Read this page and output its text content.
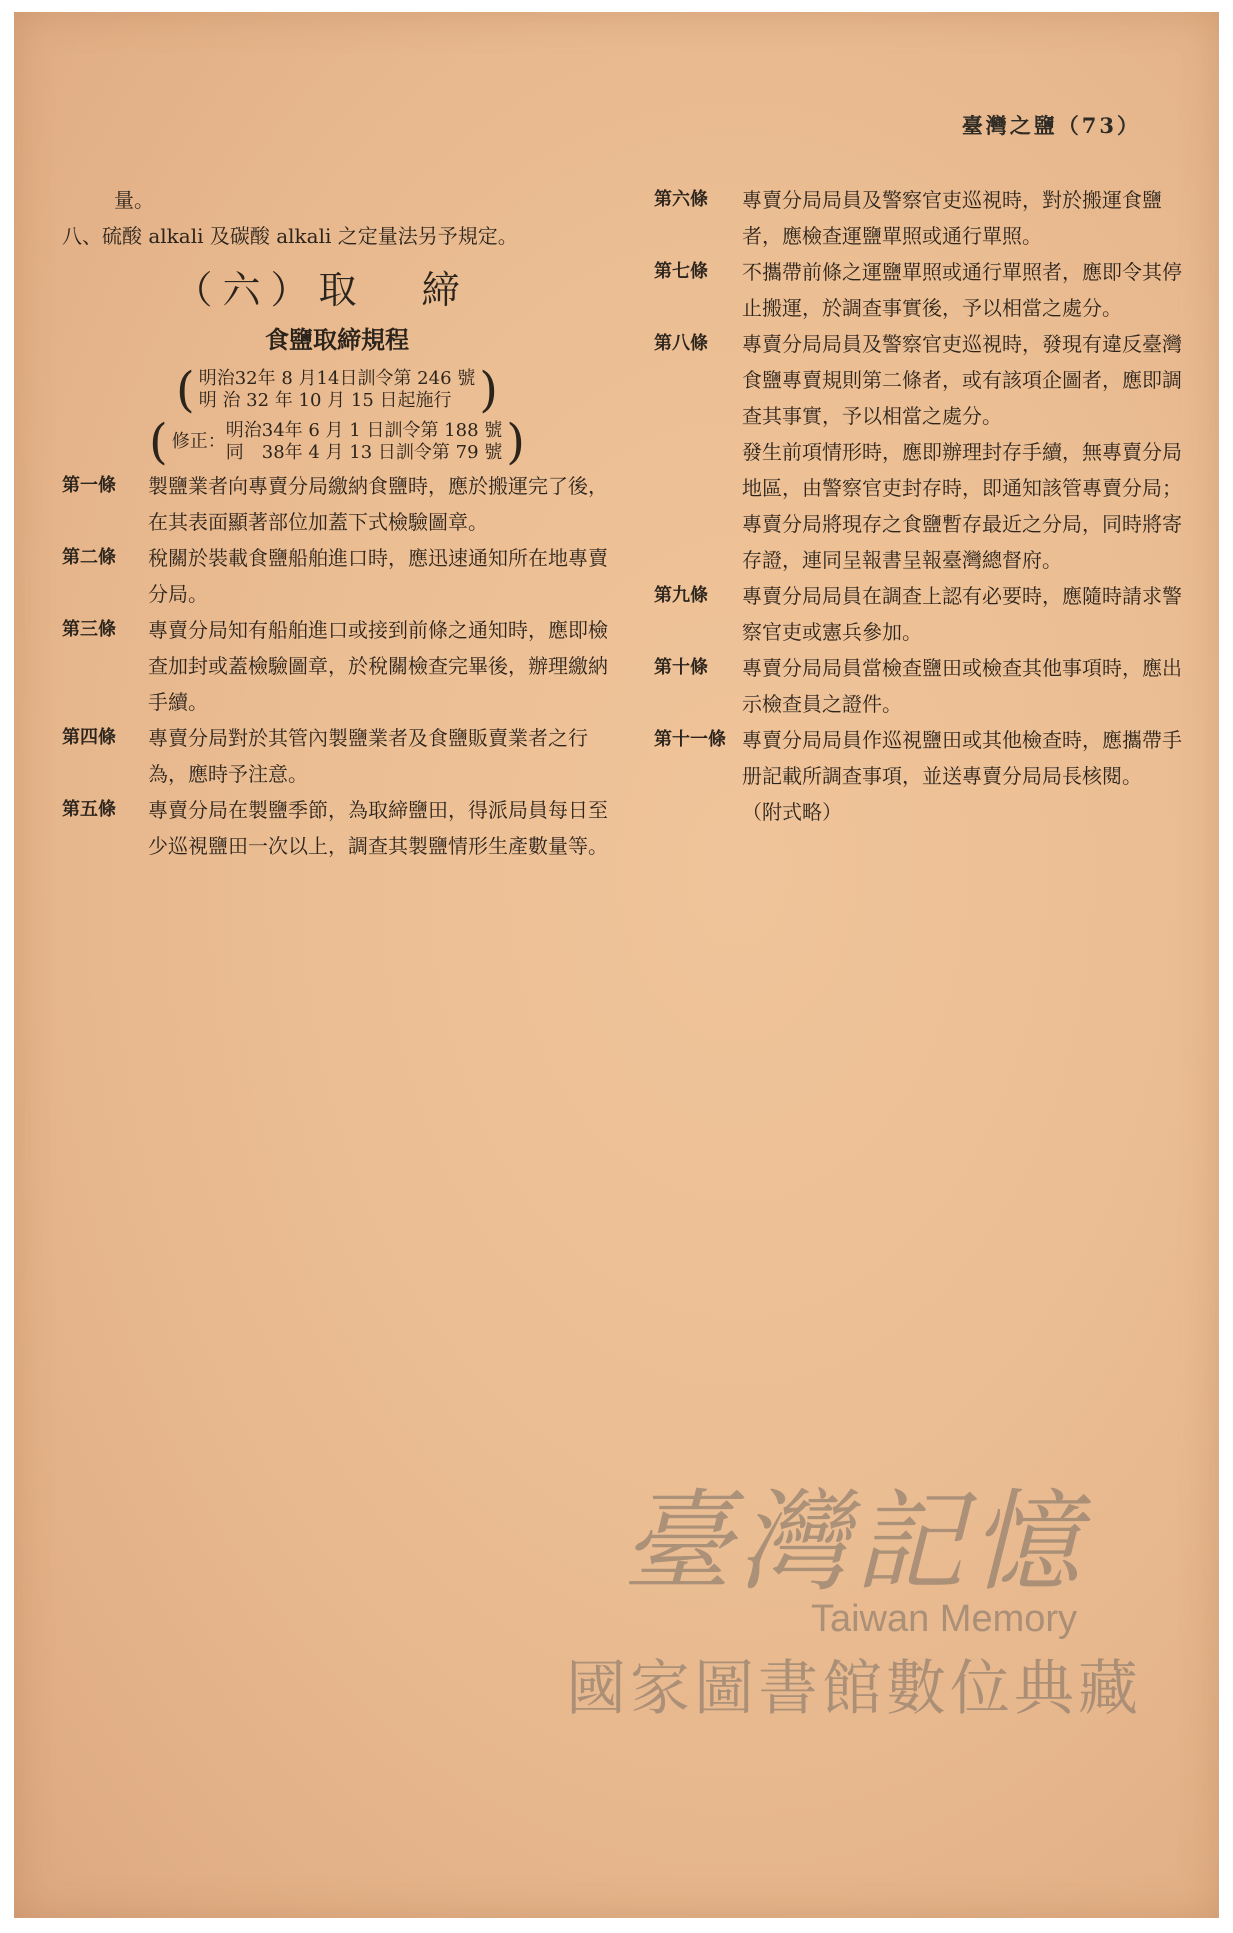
臺灣之鹽（73）

量。

八、硫酸 alkali 及碳酸 alkali 之定量法另予規定。

（六）取 締
食鹽取締規程
( 明治32年 8 月14日訓令第 246 號
明 治 32 年 10 月 15 日起施行
)
( 修正：
明治34年 6 月 1 日訓令第 188 號
同　38年 4 月 13 日訓令第 79 號
)
第一條	製鹽業者向專賣分局繳納食鹽時，應於搬運完了後，在其表面顯著部位加蓋下式檢驗圖章。
第二條	稅關於裝載食鹽船舶進口時，應迅速通知所在地專賣分局。
第三條	專賣分局知有船舶進口或接到前條之通知時，應即檢查加封或蓋檢驗圖章，於稅關檢查完畢後，辦理繳納手續。
第四條	專賣分局對於其管內製鹽業者及食鹽販賣業者之行為，應時予注意。
第五條	專賣分局在製鹽季節，為取締鹽田，得派局員每日至少巡視鹽田一次以上，調查其製鹽情形生產數量等。
第六條	專賣分局局員及警察官吏巡視時，對於搬運食鹽者，應檢查運鹽單照或通行單照。
第七條	不攜帶前條之運鹽單照或通行單照者，應即令其停止搬運，於調查事實後，予以相當之處分。
第八條	專賣分局局員及警察官吏巡視時，發現有違反臺灣食鹽專賣規則第二條者，或有該項企圖者，應即調查其事實，予以相當之處分。

發生前項情形時，應即辦理封存手續，無專賣分局地區，由警察官吏封存時，即通知該管專賣分局；專賣分局將現存之食鹽暫存最近之分局，同時將寄存證，連同呈報書呈報臺灣總督府。

第九條	專賣分局局員在調查上認有必要時，應隨時請求警察官吏或憲兵參加。
第十條	專賣分局局員當檢查鹽田或檢查其他事項時，應出示檢查員之證件。
第十一條 專賣分局局員作巡視鹽田或其他檢查時，應攜帶手册記載所調查事項，並送專賣分局局長核閱。

（附式略）

臺灣記憶
Taiwan Memory
國家圖書館數位典藏
